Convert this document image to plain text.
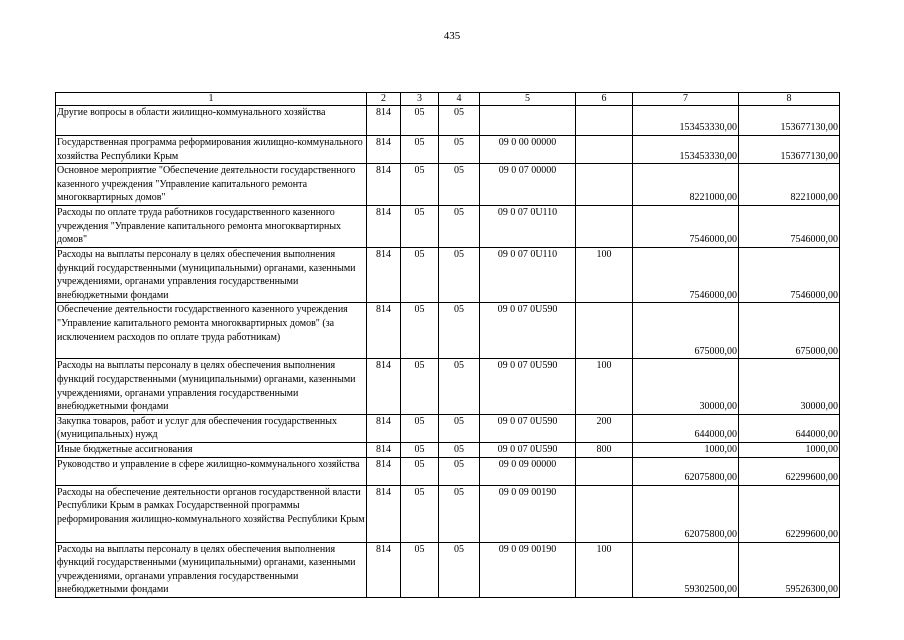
435
1	2	3	4	5	6	7	8
Другие вопросы в области жилищно-коммунального хозяйства	814	05	05			153453330,00	153677130,00
Государственная программа реформирования жилищно-коммунального хозяйства Республики Крым	814	05	05	09 0 00 00000		153453330,00	153677130,00
Основное мероприятие "Обеспечение деятельности государственного казенного учреждения "Управление капитального ремонта многоквартирных домов"	814	05	05	09 0 07 00000		8221000,00	8221000,00
Расходы по оплате труда работников государственного казенного учреждения "Управление капитального ремонта многоквартирных домов"	814	05	05	09 0 07 0U110		7546000,00	7546000,00
Расходы на выплаты персоналу в целях обеспечения выполнения функций государственными (муниципальными) органами, казенными учреждениями, органами управления государственными внебюджетными фондами	814	05	05	09 0 07 0U110	100	7546000,00	7546000,00
Обеспечение деятельности государственного казенного учреждения "Управление капитального ремонта многоквартирных домов" (за исключением расходов по оплате труда работникам)	814	05	05	09 0 07 0U590		675000,00	675000,00
Расходы на выплаты персоналу в целях обеспечения выполнения функций государственными (муниципальными) органами, казенными учреждениями, органами управления государственными внебюджетными фондами	814	05	05	09 0 07 0U590	100	30000,00	30000,00
Закупка товаров, работ и услуг для обеспечения государственных (муниципальных) нужд	814	05	05	09 0 07 0U590	200	644000,00	644000,00
Иные бюджетные ассигнования	814	05	05	09 0 07 0U590	800	1000,00	1000,00
Руководство и управление в сфере жилищно-коммунального хозяйства	814	05	05	09 0 09 00000		62075800,00	62299600,00
Расходы на обеспечение деятельности органов государственной власти Республики Крым в рамках Государственной программы реформирования жилищно-коммунального хозяйства Республики Крым	814	05	05	09 0 09 00190		62075800,00	62299600,00
Расходы на выплаты персоналу в целях обеспечения выполнения функций государственными (муниципальными) органами, казенными учреждениями, органами управления государственными внебюджетными фондами	814	05	05	09 0 09 00190	100	59302500,00	59526300,00
